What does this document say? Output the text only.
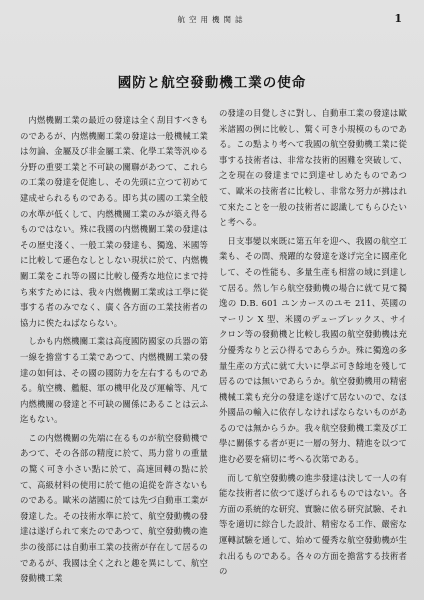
航空用機関誌	1
國防と航空發動機工業の使命

内燃機關工業の最近の發達は全く刮目すべきものであるが、内燃機關工業の發達は一般機械工業は勿論、金屬及び非金屬工業、化學工業等汎ゆる分野の重要工業と不可缺の關聯があつて、これらの工業の發達を促進し、その先頭に立つて初めて建成せられるものである。即ち其の國の工業全般の水準が低くして、内燃機關工業のみが築え得るものではない。殊に我國の内燃機關工業の發達はその歴史淺く、一般工業の發達も、獨逸、米國等に比較して遜色なしとしない現状に於て、内燃機關工業をこれ等の國に比較し優秀な地位にまで持ち來すためには、我々内燃機關工業或は工學に從事する者のみでなく、廣く各方面の工業技術者の協力に俟たねばならない。

しかも内燃機關工業は高度國防國家の兵器の第一線を擔當する工業であつて、内燃機關工業の發達の如何は、その國の國防力を左右するものである。航空機、艦艇、軍の機甲化及び運輸等、凡て内燃機關の發達と不可缺の關係にあることは云ふ迄もない。

この内燃機關の先端に在るものが航空發動機であつて、その各部の精度に於て、馬力當りの重量の驚く可き小さい點に於て、高速回轉の點に於て、高級材料の使用に於て他の追從を許さないものである。歐米の諸國に於ては先づ自動車工業が發達した。その技術水準に於て、航空發動機の發達は遂げられて來たのであつて、航空發動機の進歩の後部には自動車工業の技術が存在して居るのであるが、我國は全く之れと趣を異にして、航空發動機工業

の發達の目覺しさに對し、自動車工業の發達は歐米諸國の例に比較し、驚く可き小規模のものである。この點より考へて我國の航空發動機工業に從事する技術者は、非常な技術的困難を突破して、之を現在の發達までに到達せしめたものであつて、歐米の技術者に比較し、非常な努力が拂はれて來たことを一般の技術者に認識してもらひたいと考へる。

日支事變以來既に第五年を迎へ、我國の航空工業も、その間、飛躍的な發達を遂げ完全に國產化して、その性能も、多量生產も相當の域に到達して居る。然し乍ら航空發動機の場合に就て見て獨逸の D.B. 601 ユンカースのユモ 211、英國のマーリン X 型、米國のデューブレックス、サイクロン等の發動機と比較し我國の航空發動機は充分優秀なりと云ひ得るであらうか。殊に獨逸の多量生產の方式に就て大いに學ぶ可き餘地を殘して居るのでは無いであらうか。航空發動機用の精密機械工業も充分の發達を遂げて居ないので、なほ外國品の輸入に依存しなければならないものがあるのでは無からうか。我々航空發動機工業及び工學に關係する者が更に一層の努力、精進を以つて進む必要を痛切に考へる次第である。

而して航空發動機の進歩發達は決して一人の有能な技術者に依つて遂げられるものではない。各方面の系統的な研究、實驗に依る研究試驗、それ等を適切に綜合した設計、精密なる工作、嚴密な運轉試驗を通して、始めて優秀な航空發動機が生れ出るものである。各々の方面を擔當する技術者の
